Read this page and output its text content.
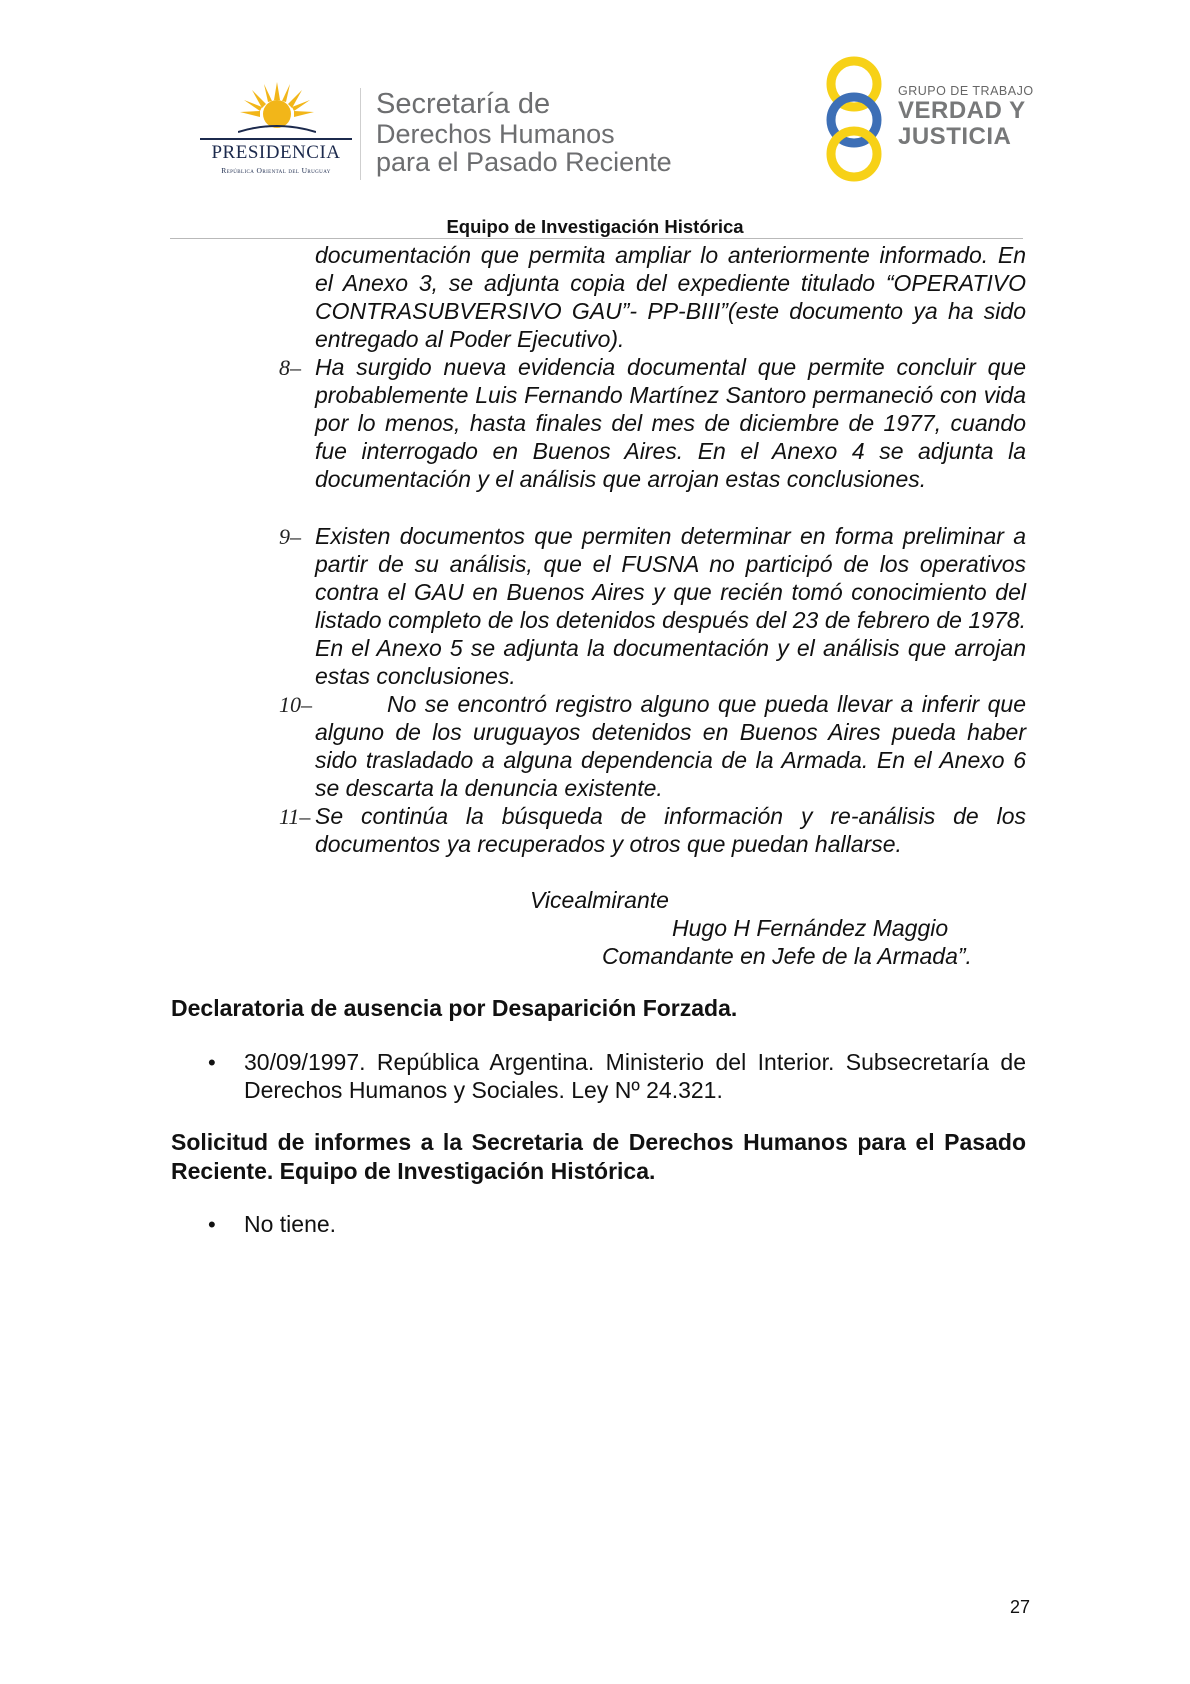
PRESIDENCIA
República Oriental del Uruguay
Secretaría de
Derechos Humanos
para el Pasado Reciente
GRUPO DE TRABAJO
VERDAD Y
JUSTICIA
Equipo de Investigación Histórica
documentación que permita ampliar lo anteriormente informado. En el Anexo 3, se adjunta copia del expediente titulado “OPERATIVO CONTRASUBVERSIVO GAU”- PP-BIII”(este documento ya ha sido entregado al Poder Ejecutivo).
8– Ha surgido nueva evidencia documental que permite concluir que probablemente Luis Fernando Martínez Santoro permaneció con vida por lo menos, hasta finales del mes de diciembre de 1977, cuando fue interrogado en Buenos Aires. En el Anexo 4 se adjunta la documentación y el análisis que arrojan estas conclusiones.
9– Existen documentos que permiten determinar en forma preliminar a partir de su análisis, que el FUSNA no participó de los operativos contra el GAU en Buenos Aires y que recién tomó conocimiento del listado completo de los detenidos después del 23 de febrero de 1978. En el Anexo 5 se adjunta la documentación y el análisis que arrojan estas conclusiones.
10–	No se encontró registro alguno que pueda llevar a inferir que alguno de los uruguayos detenidos en Buenos Aires pueda haber sido trasladado a alguna dependencia de la Armada. En el Anexo 6 se descarta la denuncia existente.
11– Se continúa la búsqueda de información y re-análisis de los documentos ya recuperados y otros que puedan hallarse.
Vicealmirante
Hugo H Fernández Maggio
Comandante en Jefe de la Armada”.
Declaratoria de ausencia por Desaparición Forzada.
• 30/09/1997. República Argentina. Ministerio del Interior. Subsecretaría de Derechos Humanos y Sociales. Ley Nº 24.321.
Solicitud de informes a la Secretaria de Derechos Humanos para el Pasado Reciente. Equipo de Investigación Histórica.
• No tiene.
27
